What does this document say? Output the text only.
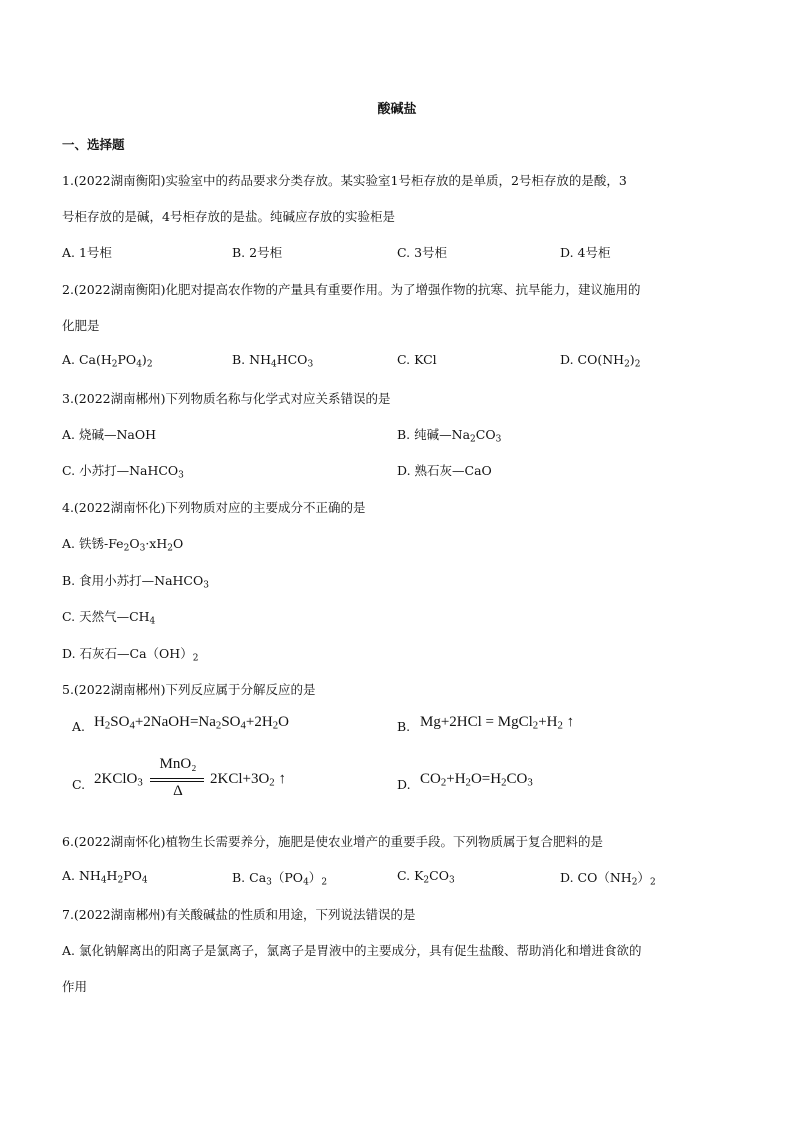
酸碱盐
一、选择题
1.(2022湖南衡阳)实验室中的药品要求分类存放。某实验室1号柜存放的是单质，2号柜存放的是酸，3
号柜存放的是碱，4号柜存放的是盐。纯碱应存放的实验柜是
A. 1号柜	B. 2号柜	C. 3号柜	D. 4号柜
2.(2022湖南衡阳)化肥对提高农作物的产量具有重要作用。为了增强作物的抗寒、抗旱能力，建议施用的
化肥是
A. $Ca(H_2PO_4)_2$	B. $NH_4HCO_3$	C. KCl	D. $CO(NH_2)_2$
3.(2022湖南郴州)下列物质名称与化学式对应关系错误的是
A. 烧碱—NaOH	B. 纯碱$—Na_2CO_3$
C. 小苏打—NaHCO$_3$	D. 熟石灰—CaO
4.(2022湖南怀化)下列物质对应的主要成分不正确的是
A. 铁锈$-Fe_2O_3\cdot xH_2O$
B. 食用小苏打—NaHCO$_3$
C. 天然气$—CH_4$
D. 石灰石$—Ca(OH)_2$
5.(2022湖南郴州)下列反应属于分解反应的是
A. $H_2SO_4+2NaOH=Na_2SO_4+2H_2O$	B. $Mg+2HCl = MgCl_2+H_2$ ↑
C. 2KClO$_3$
MnO₂
Δ
$2KCl+3O_2$ ↑	D. $CO_2+H_2O=H_2CO_3$
6.(2022湖南怀化)植物生长需要养分，施肥是使农业增产的重要手段。下列物质属于复合肥料的是
A. $NH_4H_2PO_4$	B. $Ca_3(PO_4)_2$	C. $K_2CO_3$	D. $CO(NH_2)_2$
7.(2022湖南郴州)有关酸碱盐的性质和用途，下列说法错误的是
A. 氯化钠解离出的阳离子是氯离子，氯离子是胃液中的主要成分，具有促生盐酸、帮助消化和增进食欲的
作用
